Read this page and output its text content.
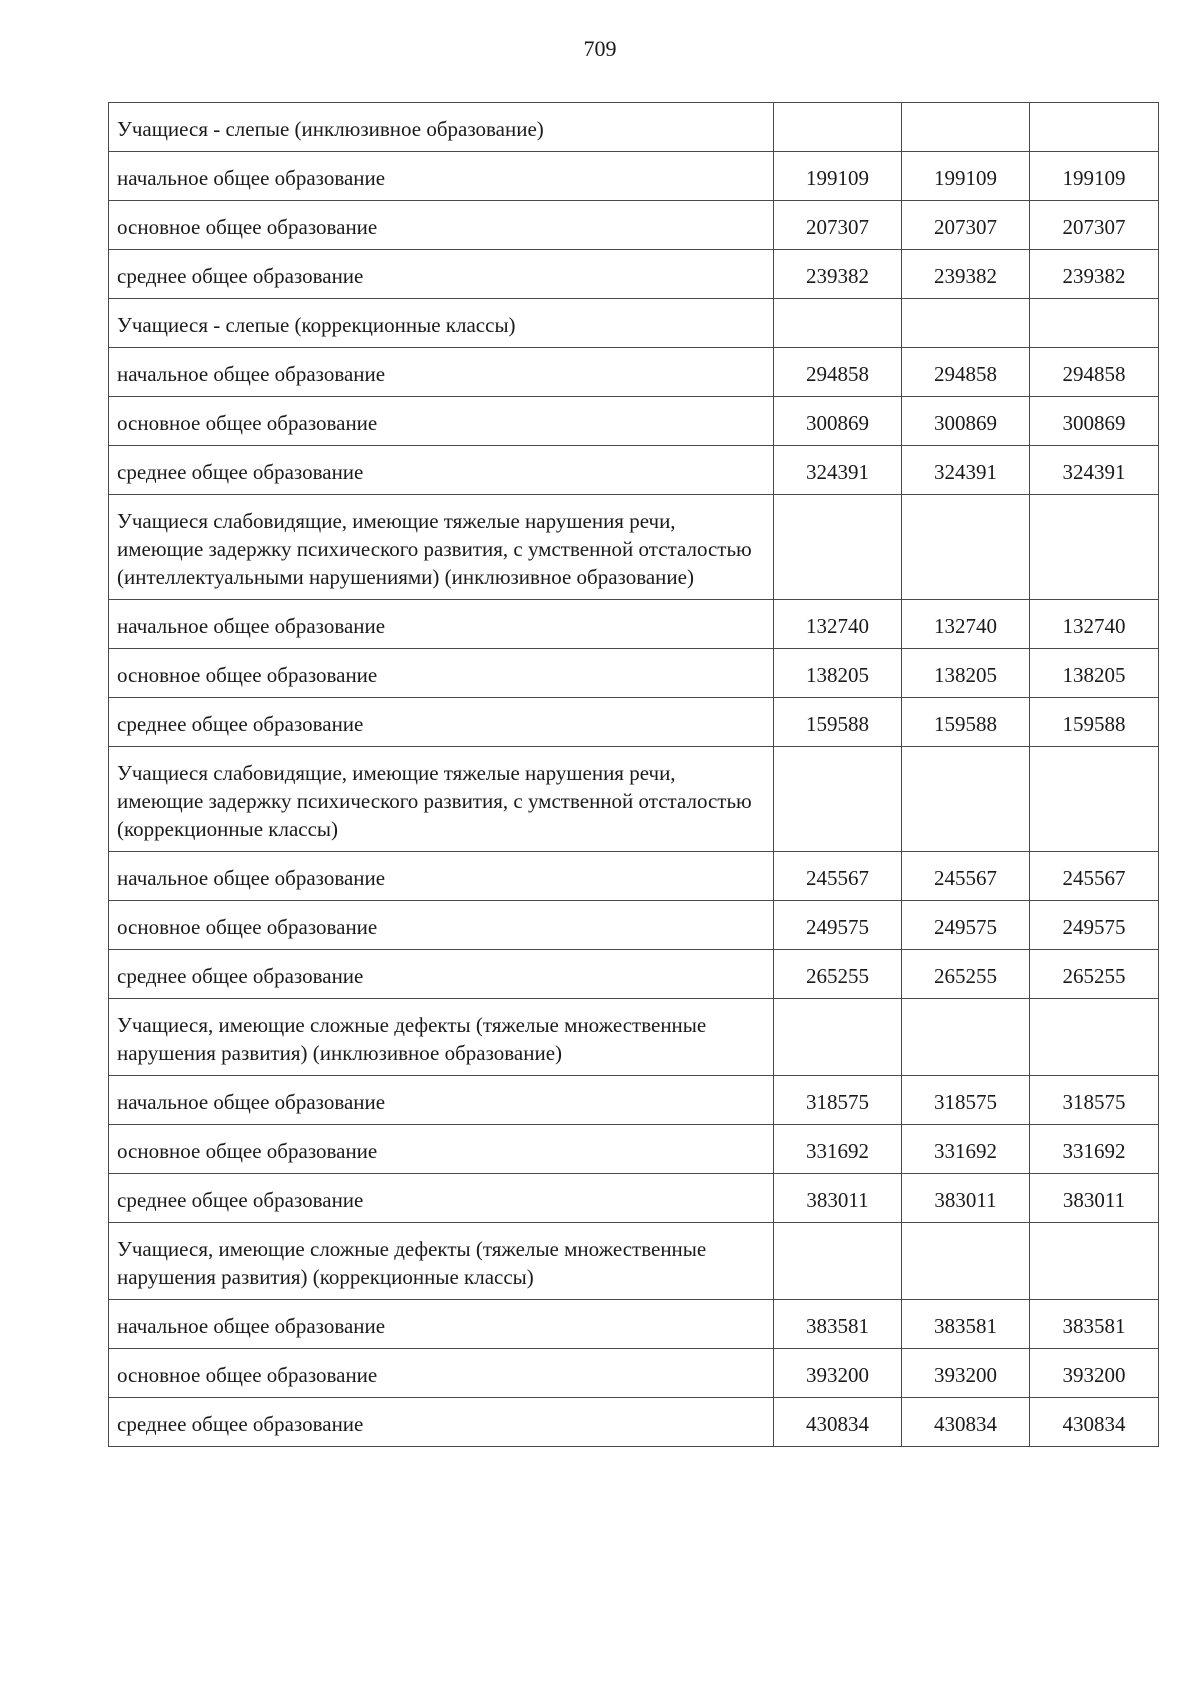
709
Учащиеся - слепые (инклюзивное образование)			
начальное общее образование	199109	199109	199109
основное общее образование	207307	207307	207307
среднее общее образование	239382	239382	239382
Учащиеся - слепые (коррекционные классы)			
начальное общее образование	294858	294858	294858
основное общее образование	300869	300869	300869
среднее общее образование	324391	324391	324391
Учащиеся слабовидящие, имеющие тяжелые нарушения речи, имеющие задержку психического развития, с умственной отсталостью (интеллектуальными нарушениями) (инклюзивное образование)			
начальное общее образование	132740	132740	132740
основное общее образование	138205	138205	138205
среднее общее образование	159588	159588	159588
Учащиеся слабовидящие, имеющие тяжелые нарушения речи, имеющие задержку психического развития, с умственной отсталостью (коррекционные классы)			
начальное общее образование	245567	245567	245567
основное общее образование	249575	249575	249575
среднее общее образование	265255	265255	265255
Учащиеся, имеющие сложные дефекты (тяжелые множественные нарушения развития) (инклюзивное образование)			
начальное общее образование	318575	318575	318575
основное общее образование	331692	331692	331692
среднее общее образование	383011	383011	383011
Учащиеся, имеющие сложные дефекты (тяжелые множественные нарушения развития) (коррекционные классы)			
начальное общее образование	383581	383581	383581
основное общее образование	393200	393200	393200
среднее общее образование	430834	430834	430834
